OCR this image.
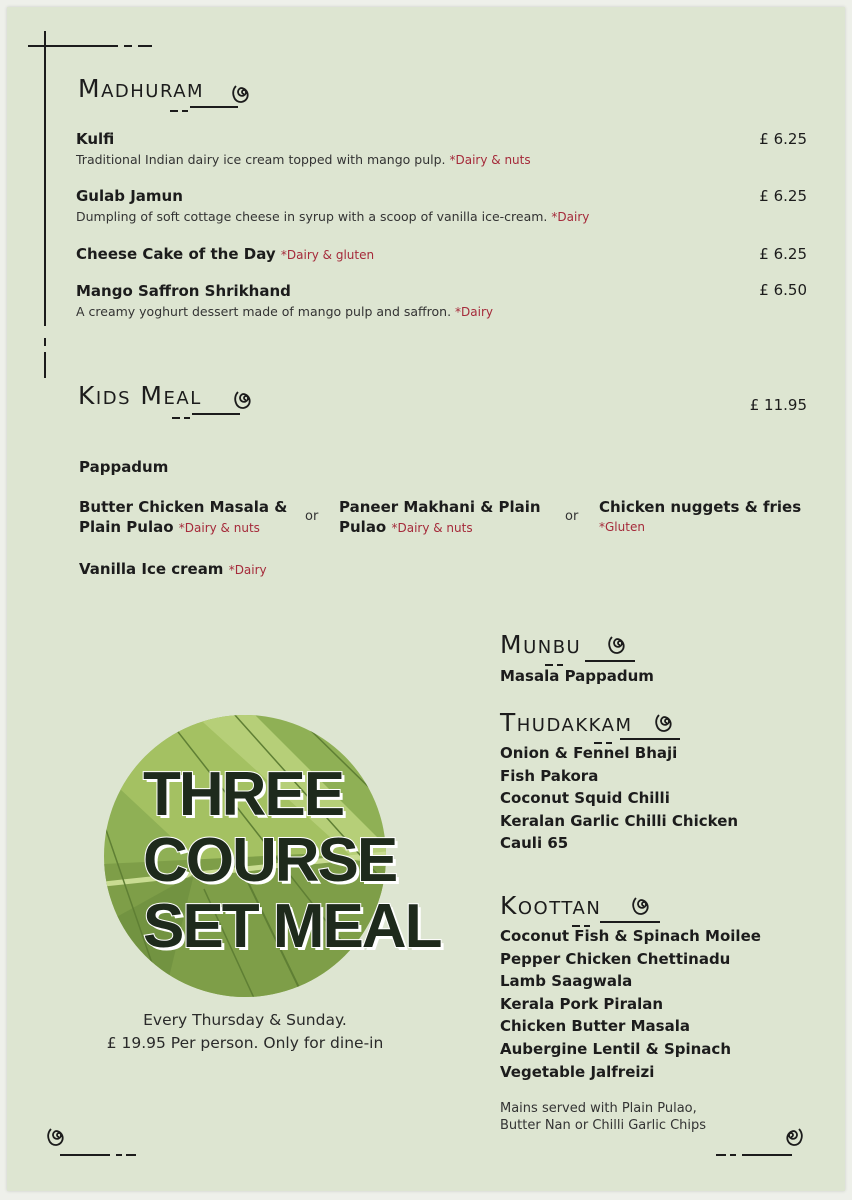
Madhuram
Kulfi
Traditional Indian dairy ice cream topped with mango pulp. *Dairy & nuts
£ 6.25
Gulab Jamun
Dumpling of soft cottage cheese in syrup with a scoop of vanilla ice-cream. *Dairy
£ 6.25
Cheese Cake of the Day *Dairy & gluten	£ 6.25
Mango Saffron Shrikhand
A creamy yoghurt dessert made of mango pulp and saffron. *Dairy
£ 6.50
Kids Meal	£ 11.95
Pappadum
Butter Chicken Masala &
Plain Pulao *Dairy & nuts
or
Paneer Makhani & Plain
Pulao *Dairy & nuts
or
Chicken nuggets & fries
*Gluten
Vanilla Ice cream *Dairy
THREE
COURSE
SET MEAL
Every Thursday & Sunday.
£ 19.95 Per person. Only for dine-in
Munbu
Masala Pappadum
Thudakkam
Onion & Fennel Bhaji
Fish Pakora
Coconut Squid Chilli
Keralan Garlic Chilli Chicken
Cauli 65
Koottan
Coconut Fish & Spinach Moilee
Pepper Chicken Chettinadu
Lamb Saagwala
Kerala Pork Piralan
Chicken Butter Masala
Aubergine Lentil & Spinach
Vegetable Jalfreizi
Mains served with Plain Pulao,
Butter Nan or Chilli Garlic Chips
